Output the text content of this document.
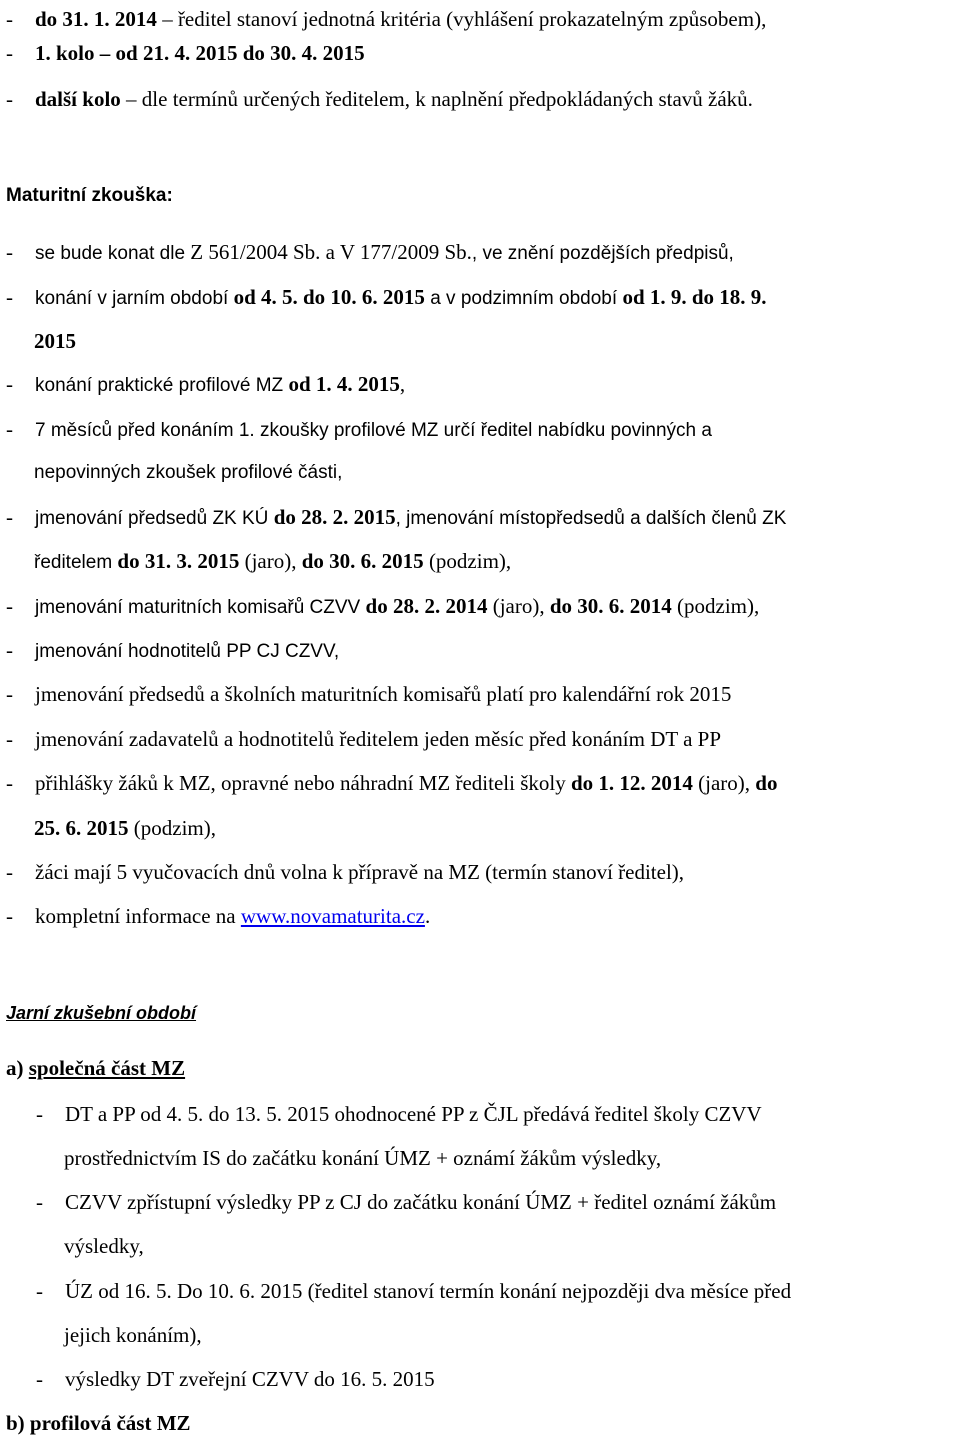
- do 31. 1. 2014 – ředitel stanoví jednotná kritéria (vyhlášení prokazatelným způsobem),
- 1. kolo – od 21. 4. 2015 do 30. 4. 2015
- další kolo – dle termínů určených ředitelem, k naplnění předpokládaných stavů žáků.
Maturitní zkouška:
- se bude konat dle Z 561/2004 Sb. a V 177/2009 Sb., ve znění pozdějších předpisů,
- konání v jarním období od 4. 5. do 10. 6. 2015 a v podzimním období od 1. 9. do 18. 9.
2015
- konání praktické profilové MZ od 1. 4. 2015,
- 7 měsíců před konáním 1. zkoušky profilové MZ určí ředitel nabídku povinných a
nepovinných zkoušek profilové části,
- jmenování předsedů ZK KÚ do 28. 2. 2015, jmenování místopředsedů a dalších členů ZK
ředitelem do 31. 3. 2015 (jaro), do 30. 6. 2015 (podzim),
- jmenování maturitních komisařů CZVV do 28. 2. 2014 (jaro), do 30. 6. 2014 (podzim),
- jmenování hodnotitelů PP CJ CZVV,
- jmenování předsedů a školních maturitních komisařů platí pro kalendářní rok 2015
- jmenování zadavatelů a hodnotitelů ředitelem jeden měsíc před konáním DT a PP
- přihlášky žáků k MZ, opravné nebo náhradní MZ řediteli školy do 1. 12. 2014 (jaro), do
25. 6. 2015 (podzim),
- žáci mají 5 vyučovacích dnů volna k přípravě na MZ (termín stanoví ředitel),
- kompletní informace na www.novamaturita.cz.
Jarní zkušební období
a) společná část MZ
- DT a PP od 4. 5. do 13. 5. 2015 ohodnocené PP z ČJL předává ředitel školy CZVV
prostřednictvím IS do začátku konání ÚMZ + oznámí žákům výsledky,
- CZVV zpřístupní výsledky PP z CJ do začátku konání ÚMZ + ředitel oznámí žákům
výsledky,
- ÚZ od 16. 5. Do 10. 6. 2015 (ředitel stanoví termín konání nejpozději dva měsíce před
jejich konáním),
- výsledky DT zveřejní CZVV do 16. 5. 2015
b) profilová část MZ
